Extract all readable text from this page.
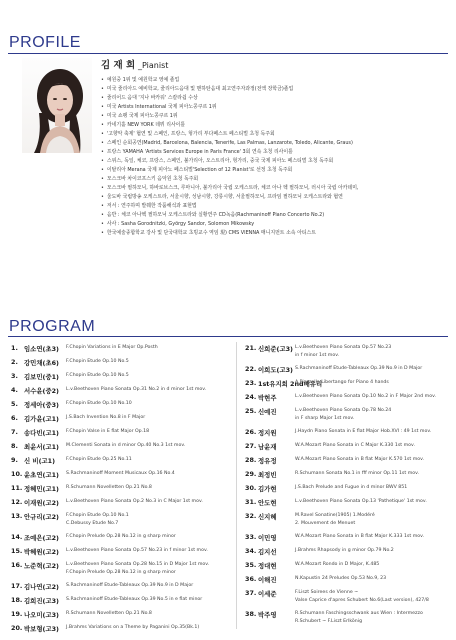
PROFILE
김 재 희 _Pianist
• 예원중 1위 및 예원학교 영예 졸업
• 미국 줄리아드 예비학교, 줄리아드음대 및 맨하탄음대 최고연주자과정(전액 장학금)졸업
• 줄리어드 음대 '지나 바카워' 스칼라쉽 수상
• 미국 Artists International 국제 피아노콩쿠르 1위
• 미국 쇼팽 국제 피아노콩쿠르 1위
• 카네기홀 NEW YORK 데뷔 리사이틀
• '고향악 축제' 협연 및 스페인, 프랑스, 헝가리 부다페스트 페스티벌 초청 독주회
• 스페인 순회공연(Madrid, Barcelona, Balencia, Tenerife, Las Palmas, Lanzarote, Toledo, Alicante, Graus)
• 프랑스 YAMAHA 'Artists Services Europe in Paris France' 3회 연속 초청 리사이틀
• 스위스, 독일, 체코, 프랑스, 스페인, 불가리아, 오스트리아, 헝가리, 중국 국제 피아노 페스티벌 초청 독주회
• 이탈리아 Merana 국제 피아노 페스티벌'Selection of 12 Pianist'로 선정 초청 독주회
• 모스크바 차이코프스키 음악원 초청 독주회
• 모스크바 필하모닉, 하바로브스크, 루마니아, 불가리아 국립 오케스트라, 체코 아나 헥 필하모닉, 러시아 국립 아카데미,
• 울도바 국립방송 오케스트라, 서울시향, 성남시향, 강릉시향, 서울필하모닉, 프라임 필하모닉 오케스트라와 협연
• 저서 : 연주하며 발췌한 작품해석과 표현법
• 음반 : 체코 아나헥 필하모닉 오케스트라와 실황연주 CD녹음(Rachmaninoff Piano Concerto No.2)
• 사사 : Sasha Gorodnitzki, György Sandor, Solomon Mikowsky
• 한국예술종합학교 강사 및 단국대학교 초빙교수 역임 現) CMS VIENNA 매니지먼트 소속 아티스트
PROGRAM
1. 임소연(초3) F.Chopin Variations in E Major Op.Posth
2. 강민채(초6) F.Chopin Etude Op.10 No.5
3. 김보민(중1) F.Chopin Etude Op.10 No.5
4. 서수윤(중2) L.v.Beethoven Piano Sonata Op.31 No.2 in d minor 1st mov.
5. 정세아(중3) F.Chopin Etude Op.10 No.10
6. 김가윤(고1) J.S.Bach Invention No.8 in F Major
7. 송다빈(고1) F.Chopin Valse in E flat Major Op.18
8. 최윤서(고1) M.Clementi Sonata in d minor Op.40 No.3 1st mov.
9. 신 비(고1) F.Chopin Etude Op.25 No.11
10. 윤초연(고1) S.Rachmaninoff Moment Musicaux Op.16 No.4
11. 정혜민(고1) R.Schumann Novelletten Op.21 No.8
12. 이재원(고2) L.v.Beethoven Piano Sonata Op.2 No.3 in C Major 1st mov.
13. 안규리(고2) F.Chopin Etude Op.10 No.1
C.Debussy Etude No.7
14. 조예은(고2) F.Chopin Prelude Op.28 No.12 in g sharp minor
15. 박혜원(고2) L.v.Beethoven Piano Sonata Op.57 No.23 in f minor 1st mov.
16. 노준혁(고2) L.v.Beethoven Piano Sonata Op.28 No.15 in D Major 1st mov.
F.Chopin Prelude Op.28 No.12 in g sharp minor
17. 김나연(고2) S.Rachmaninoff Etude-Tableaux Op.39 No.9 in D Major
18. 김희진(고3) S.Rachmaninoff Etude-Tableaux Op.39 No.5 in e flat minor
19. 나오미(고3) R.Schumann Novelletten Op.21 No.8
20. 박보형(고3) J.Brahms Variations on a Theme by Paganini Op.35(Bk.1)
21. 신희준(고3) L.v.Beethoven Piano Sonata Op.57 No.23
in f minor 1st mov.
22. 이희도(고3) S.Rachmaninoff Etude-Tableaux Op.39 No.9 in D Major
23. 1st유지희 2nd배유리
A.Piazzolla Libertango for Piano 4 hands
24. 박현주	L.v.Beethoven Piano Sonata Op.10 No.2 in F Major 2nd mov.
25. 신예진	L.v.Beethoven Piano Sonata Op.78 No.24
in F sharp Major 1st mov.
26. 정지원	J.Haydn Piano Sonata in E flat Major Hob.XVI : 49 1st mov.
27. 남윤재	W.A.Mozart Piano Sonata in C Major K.330 1st mov.
28. 정유정	W.A.Mozart Piano Sonata in B flat Major K.570 1st mov.
29. 최정빈	R.Schumann Sonata No.1 in fff minor Op.11 1st mov.
30. 김가현	J.S.Bach Prelude and Fugue in d minor BWV 851
31. 안도현	L.v.Beethoven Piano Sonata Op.13 'Pathetique' 1st mov.
32. 신지혜	M.Ravel Sonatine(1905) 1.Modéré
2. Mouvement de Menuet
33. 이민영	W.A.Mozart Piano Sonata in B flat Major K.333 1st mov.
34. 김지선	J.Brahms Rhapsody in g minor Op.79 No.2
35. 정대현	W.A.Mozart Rondo in D Major, K.485
36. 이해진	N.Kapustin 24 Preludes Op.53 No.9, 23
37. 이세준	F.Liszt Soirees de Vienne ~
Valse Caprice d'apres Schubert No.6(Last version), 427/8
38. 박주영	R.Schumann Faschingsschwank aus Wien : Intermezzo
R.Schubert ~ F.Liszt Erlkönig
